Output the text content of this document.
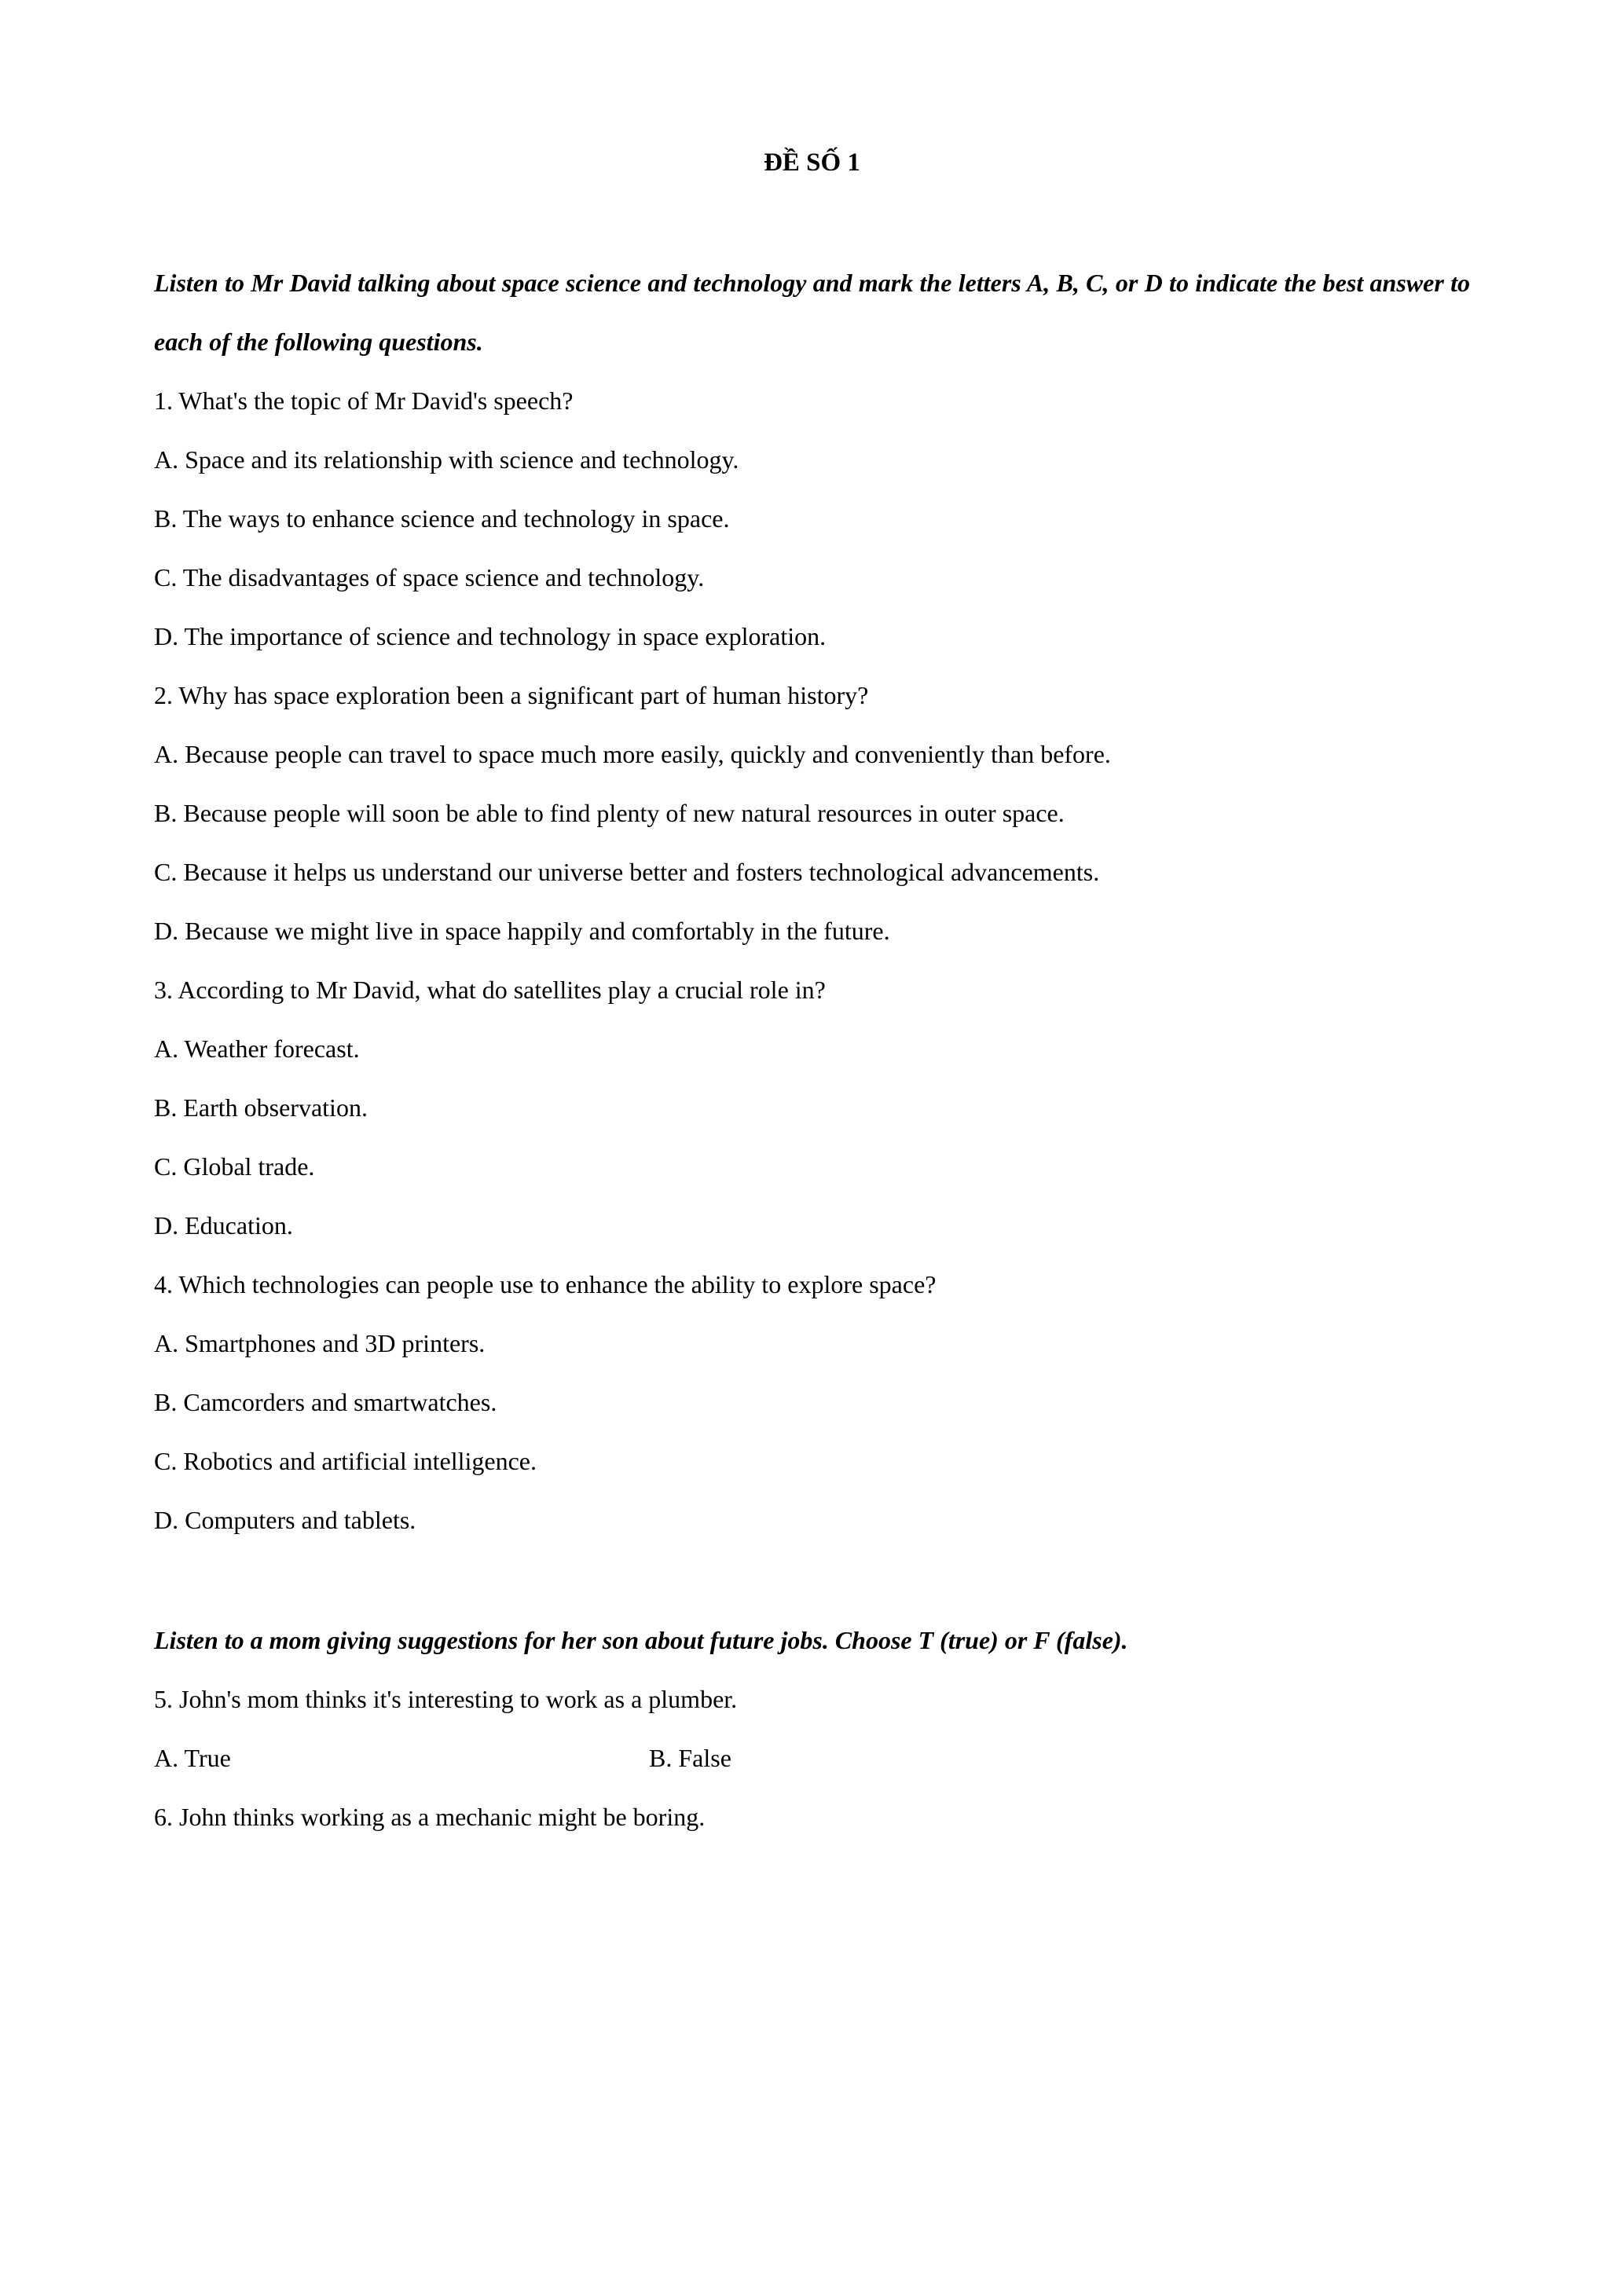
ĐỀ SỐ 1
Listen to Mr David talking about space science and technology and mark the letters A, B, C, or D to indicate the best answer to each of the following questions.
1. What's the topic of Mr David's speech?
A. Space and its relationship with science and technology.
B. The ways to enhance science and technology in space.
C. The disadvantages of space science and technology.
D. The importance of science and technology in space exploration.
2. Why has space exploration been a significant part of human history?
A. Because people can travel to space much more easily, quickly and conveniently than before.
B. Because people will soon be able to find plenty of new natural resources in outer space.
C. Because it helps us understand our universe better and fosters technological advancements.
D. Because we might live in space happily and comfortably in the future.
3. According to Mr David, what do satellites play a crucial role in?
A. Weather forecast.
B. Earth observation.
C. Global trade.
D. Education.
4. Which technologies can people use to enhance the ability to explore space?
A. Smartphones and 3D printers.
B. Camcorders and smartwatches.
C. Robotics and artificial intelligence.
D. Computers and tablets.
Listen to a mom giving suggestions for her son about future jobs. Choose T (true) or F (false).
5. John's mom thinks it's interesting to work as a plumber.
A. True	B. False
6. John thinks working as a mechanic might be boring.
